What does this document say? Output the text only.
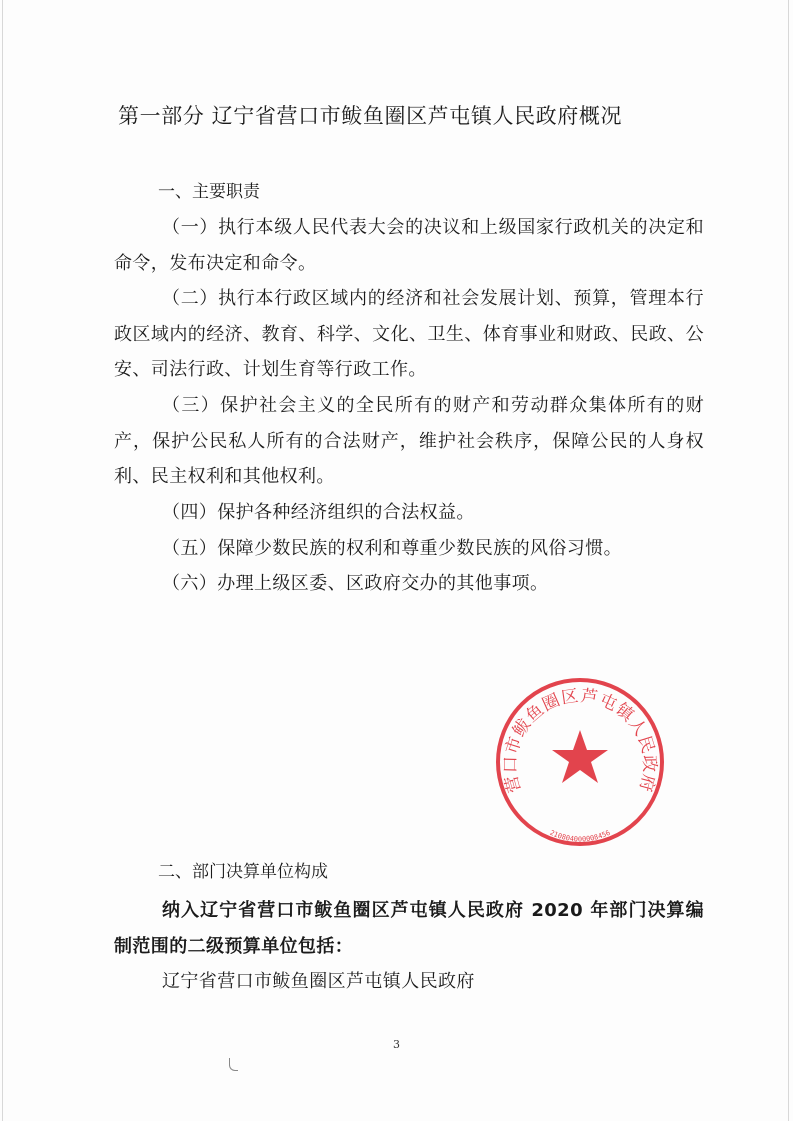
第一部分 辽宁省营口市鲅鱼圈区芦屯镇人民政府概况
一、主要职责
（一）执行本级人民代表大会的决议和上级国家行政机关的决定和命令，发布决定和命令。
（二）执行本行政区域内的经济和社会发展计划、预算，管理本行政区域内的经济、教育、科学、文化、卫生、体育事业和财政、民政、公安、司法行政、计划生育等行政工作。
（三）保护社会主义的全民所有的财产和劳动群众集体所有的财产，保护公民私人所有的合法财产，维护社会秩序，保障公民的人身权利、民主权利和其他权利。
（四）保护各种经济组织的合法权益。
（五）保障少数民族的权利和尊重少数民族的风俗习惯。
（六）办理上级区委、区政府交办的其他事项。
营口市鲅鱼圈区芦屯镇人民政府
2108040000084​56
二、部门决算单位构成
纳入辽宁省营口市鲅鱼圈区芦屯镇人民政府 2020 年部门决算编制范围的二级预算单位包括：
辽宁省营口市鲅鱼圈区芦屯镇人民政府
3
